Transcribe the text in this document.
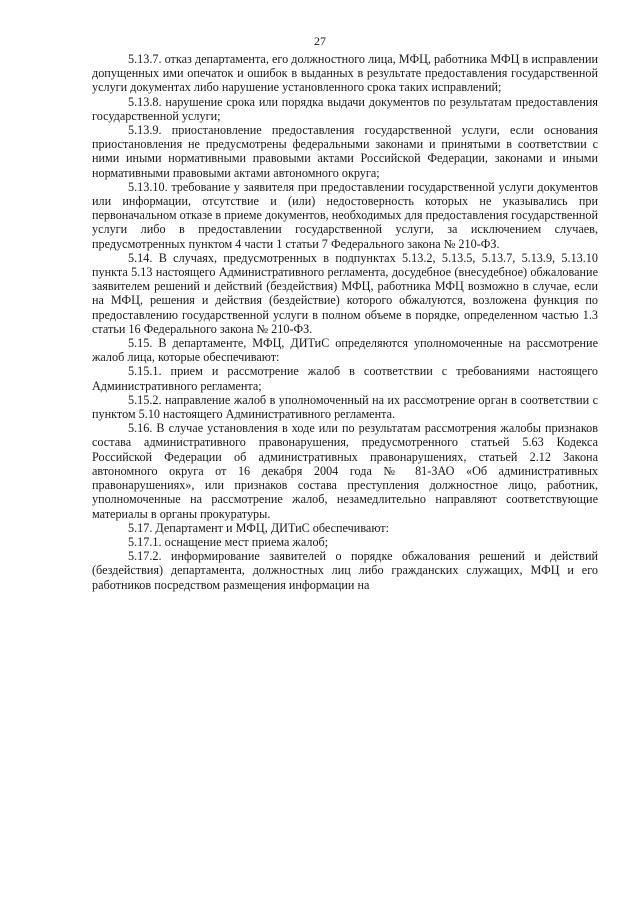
27

5.13.7. отказ департамента, его должностного лица, МФЦ, работника МФЦ в исправлении допущенных ими опечаток и ошибок в выданных в результате предоставления государственной услуги документах либо нарушение установленного срока таких исправлений;

5.13.8. нарушение срока или порядка выдачи документов по результатам предоставления государственной услуги;

5.13.9. приостановление предоставления государственной услуги, если основания приостановления не предусмотрены федеральными законами и принятыми в соответствии с ними иными нормативными правовыми актами Российской Федерации, законами и иными нормативными правовыми актами автономного округа;

5.13.10. требование у заявителя при предоставлении государственной услуги документов или информации, отсутствие и (или) недостоверность которых не указывались при первоначальном отказе в приеме документов, необходимых для предоставления государственной услуги либо в предоставлении государственной услуги, за исключением случаев, предусмотренных пунктом 4 части 1 статьи 7 Федерального закона № 210-ФЗ.

5.14. В случаях, предусмотренных в подпунктах 5.13.2, 5.13.5, 5.13.7, 5.13.9, 5.13.10 пункта 5.13 настоящего Административного регламента, досудебное (внесудебное) обжалование заявителем решений и действий (бездействия) МФЦ, работника МФЦ возможно в случае, если на МФЦ, решения и действия (бездействие) которого обжалуются, возложена функция по предоставлению государственной услуги в полном объеме в порядке, определенном частью 1.3 статьи 16 Федерального закона № 210-ФЗ.

5.15. В департаменте, МФЦ, ДИТиС определяются уполномоченные на рассмотрение жалоб лица, которые обеспечивают:

5.15.1. прием и рассмотрение жалоб в соответствии с требованиями настоящего Административного регламента;

5.15.2. направление жалоб в уполномоченный на их рассмотрение орган в соответствии с пунктом 5.10 настоящего Административного регламента.

5.16. В случае установления в ходе или по результатам рассмотрения жалобы признаков состава административного правонарушения, предусмотренного статьей 5.63 Кодекса Российской Федерации об административных правонарушениях, статьей 2.12 Закона автономного округа от 16 декабря 2004 года № 81-ЗАО «Об административных правонарушениях», или признаков состава преступления должностное лицо, работник, уполномоченные на рассмотрение жалоб, незамедлительно направляют соответствующие материалы в органы прокуратуры.

5.17. Департамент и МФЦ, ДИТиС обеспечивают:

5.17.1. оснащение мест приема жалоб;

5.17.2. информирование заявителей о порядке обжалования решений и действий (бездействия) департамента, должностных лиц либо гражданских служащих, МФЦ и его работников посредством размещения информации на
